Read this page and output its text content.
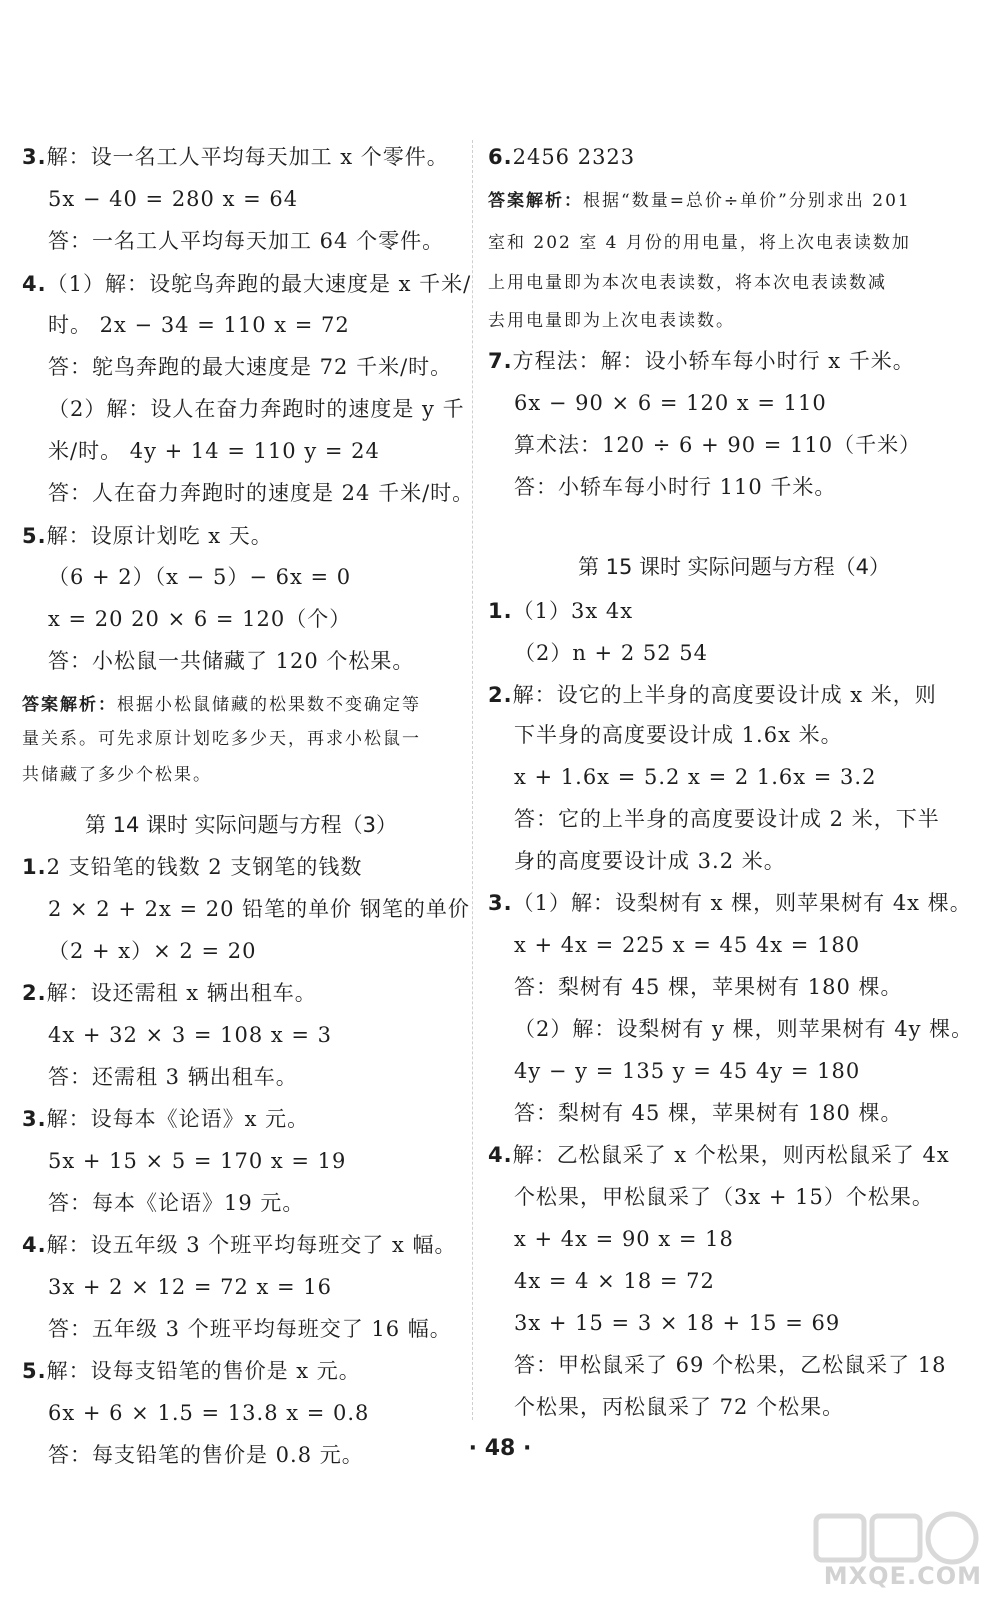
3.解：设一名工人平均每天加工 x 个零件。
5x − 40 = 280 x = 64
答：一名工人平均每天加工 64 个零件。
4.（1）解：设鸵鸟奔跑的最大速度是 x 千米/
时。 2x − 34 = 110 x = 72
答：鸵鸟奔跑的最大速度是 72 千米/时。
（2）解：设人在奋力奔跑时的速度是 y 千
米/时。 4y + 14 = 110 y = 24
答：人在奋力奔跑时的速度是 24 千米/时。
5.解：设原计划吃 x 天。
（6 + 2）（x − 5）− 6x = 0
x = 20 20 × 6 = 120（个）
答：小松鼠一共储藏了 120 个松果。
答案解析：根据小松鼠储藏的松果数不变确定等
量关系。可先求原计划吃多少天，再求小松鼠一
共储藏了多少个松果。
第 14 课时 实际问题与方程（3）
1.2 支铅笔的钱数 2 支钢笔的钱数
2 × 2 + 2x = 20 铅笔的单价 钢笔的单价
（2 + x）× 2 = 20
2.解：设还需租 x 辆出租车。
4x + 32 × 3 = 108 x = 3
答：还需租 3 辆出租车。
3.解：设每本《论语》x 元。
5x + 15 × 5 = 170 x = 19
答：每本《论语》19 元。
4.解：设五年级 3 个班平均每班交了 x 幅。
3x + 2 × 12 = 72 x = 16
答：五年级 3 个班平均每班交了 16 幅。
5.解：设每支铅笔的售价是 x 元。
6x + 6 × 1.5 = 13.8 x = 0.8
答：每支铅笔的售价是 0.8 元。
6.2456 2323
答案解析：根据“数量=总价÷单价”分别求出 201
室和 202 室 4 月份的用电量，将上次电表读数加
上用电量即为本次电表读数，将本次电表读数减
去用电量即为上次电表读数。
7.方程法：解：设小轿车每小时行 x 千米。
6x − 90 × 6 = 120 x = 110
算术法：120 ÷ 6 + 90 = 110（千米）
答：小轿车每小时行 110 千米。
第 15 课时 实际问题与方程（4）
1.（1）3x 4x
（2）n + 2 52 54
2.解：设它的上半身的高度要设计成 x 米，则
下半身的高度要设计成 1.6x 米。
x + 1.6x = 5.2 x = 2 1.6x = 3.2
答：它的上半身的高度要设计成 2 米，下半
身的高度要设计成 3.2 米。
3.（1）解：设梨树有 x 棵，则苹果树有 4x 棵。
x + 4x = 225 x = 45 4x = 180
答：梨树有 45 棵，苹果树有 180 棵。
（2）解：设梨树有 y 棵，则苹果树有 4y 棵。
4y − y = 135 y = 45 4y = 180
答：梨树有 45 棵，苹果树有 180 棵。
4.解：乙松鼠采了 x 个松果，则丙松鼠采了 4x
个松果，甲松鼠采了（3x + 15）个松果。
x + 4x = 90 x = 18
4x = 4 × 18 = 72
3x + 15 = 3 × 18 + 15 = 69
答：甲松鼠采了 69 个松果，乙松鼠采了 18
个松果，丙松鼠采了 72 个松果。
· 48 ·
MXQE.COM
